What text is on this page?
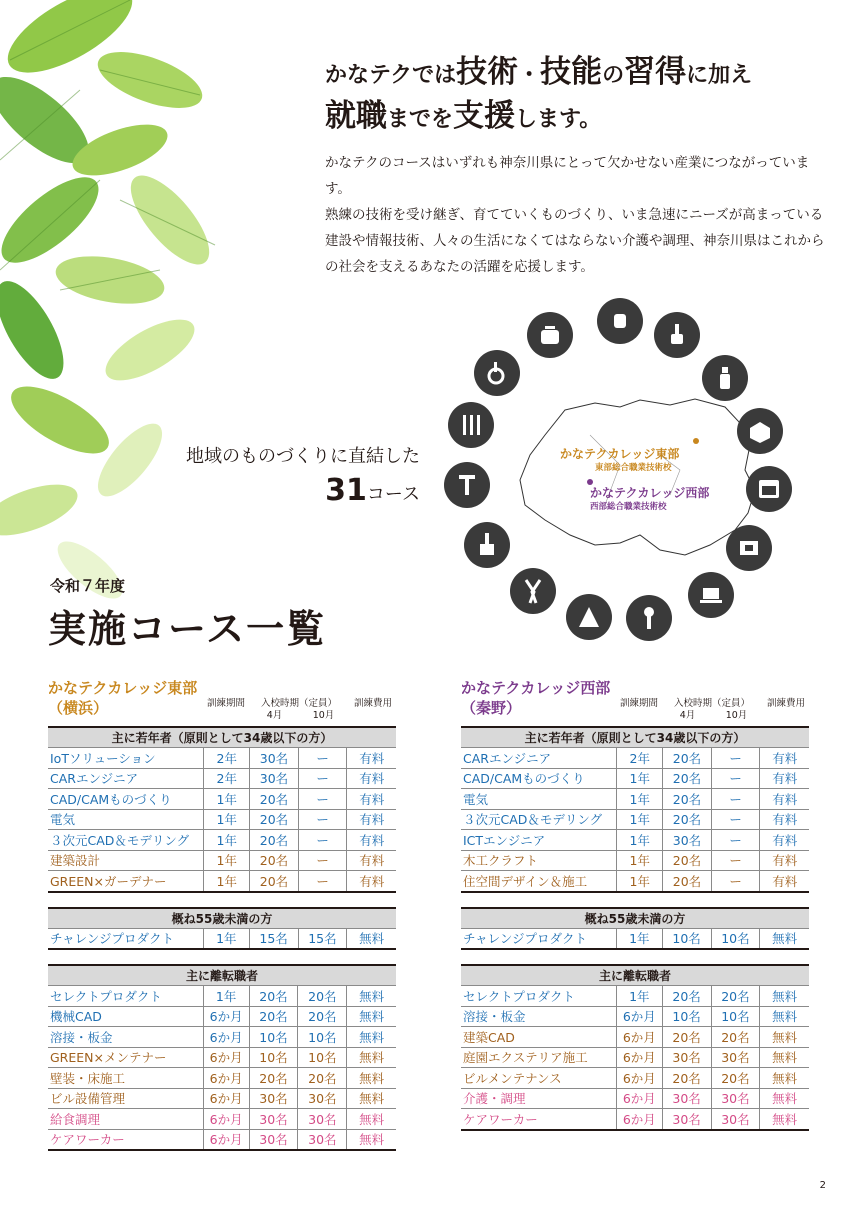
かなテクでは技術・技能の習得に加え
就職までを支援します。

かなテクのコースはいずれも神奈川県にとって欠かせない産業につながっています。

熟練の技術を受け継ぎ、育てていくものづくり、いま急速にニーズが高まっている建設や情報技術、人々の生活になくてはならない介護や調理、神奈川県はこれからの社会を支えるあなたの活躍を応援します。

かなテクカレッジ東部
東部総合職業技術校
かなテクカレッジ西部
西部総合職業技術校
地域のものづくりに直結した
31コース
令和７年度
実施コース一覧
かなテクカレッジ東部
（横浜）	訓練期間	入校時期（定員）
4月	10月
訓練費用
主に若年者（原則として34歳以下の方）				
IoTソリューション	2年	30名	ー	有料
CARエンジニア	2年	30名	ー	有料
CAD/CAMものづくり	1年	20名	ー	有料
電気	1年	20名	ー	有料
３次元CAD＆モデリング	1年	20名	ー	有料
建築設計	1年	20名	ー	有料
GREEN×ガーデナー	1年	20名	ー	有料
概ね55歳未満の方
チャレンジプロダクト	1年	15名	15名	無料
主に離転職者				
セレクトプロダクト	1年	20名	20名	無料
機械CAD	6か月	20名	20名	無料
溶接・板金	6か月	10名	10名	無料
GREEN×メンテナー	6か月	10名	10名	無料
壁装・床施工	6か月	20名	20名	無料
ビル設備管理	6か月	30名	30名	無料
給食調理	6か月	30名	30名	無料
ケアワーカー	6か月	30名	30名	無料
かなテクカレッジ西部
（秦野）	訓練期間	入校時期（定員）
4月	10月
訓練費用
主に若年者（原則として34歳以下の方）				
CARエンジニア	2年	20名	ー	有料
CAD/CAMものづくり	1年	20名	ー	有料
電気	1年	20名	ー	有料
３次元CAD＆モデリング	1年	20名	ー	有料
ICTエンジニア	1年	30名	ー	有料
木工クラフト	1年	20名	ー	有料
住空間デザイン＆施工	1年	20名	ー	有料
概ね55歳未満の方
チャレンジプロダクト	1年	10名	10名	無料
主に離転職者				
セレクトプロダクト	1年	20名	20名	無料
溶接・板金	6か月	10名	10名	無料
建築CAD	6か月	20名	20名	無料
庭園エクステリア施工	6か月	30名	30名	無料
ビルメンテナンス	6か月	20名	20名	無料
介護・調理	6か月	30名	30名	無料
ケアワーカー	6か月	30名	30名	無料
2
